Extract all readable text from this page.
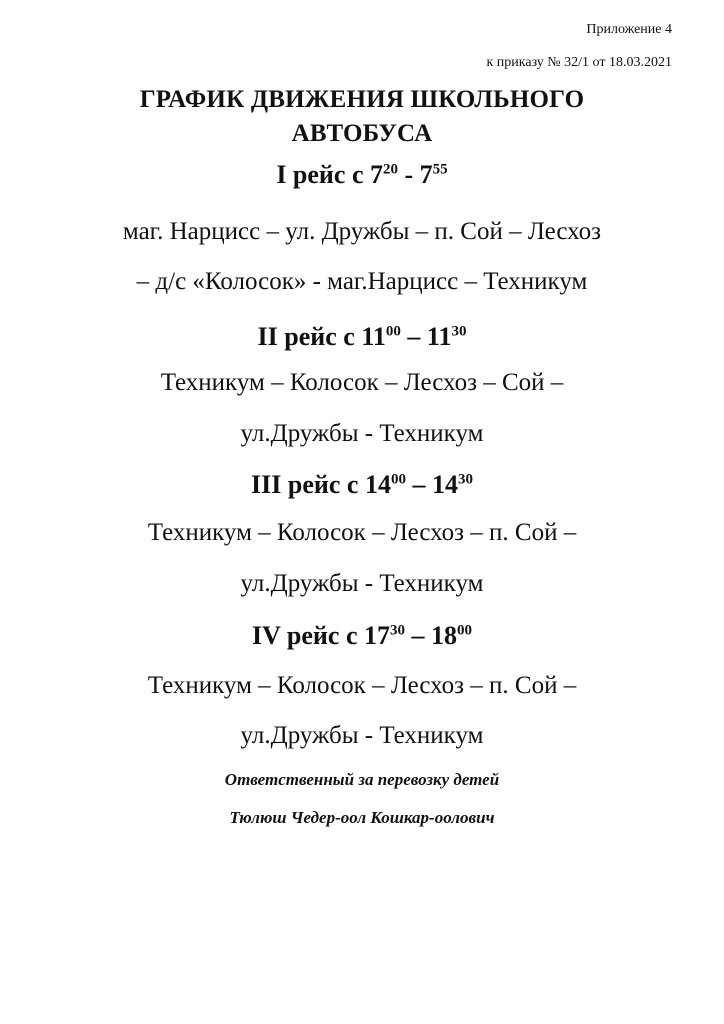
Приложение 4
к приказу № 32/1 от 18.03.2021
ГРАФИК ДВИЖЕНИЯ ШКОЛЬНОГО
АВТОБУСА
I рейс с $7^{20} - 7^{55}$
маг. Нарцисс – ул. Дружбы – п. Сой – Лесхоз
– д/с «Колосок» - маг.Нарцисс – Техникум
II рейс с $11^{00} - 11^{30}$
Техникум – Колосок – Лесхоз – Сой –
ул.Дружбы - Техникум
III рейс с $14^{00} - 14^{30}$
Техникум – Колосок – Лесхоз – п. Сой –
ул.Дружбы - Техникум
IV рейс с $17^{30} - 18^{00}$
Техникум – Колосок – Лесхоз – п. Сой –
ул.Дружбы - Техникум
Ответственный за перевозку детей
Тюлюш Чедер-оол Кошкар-оолович
